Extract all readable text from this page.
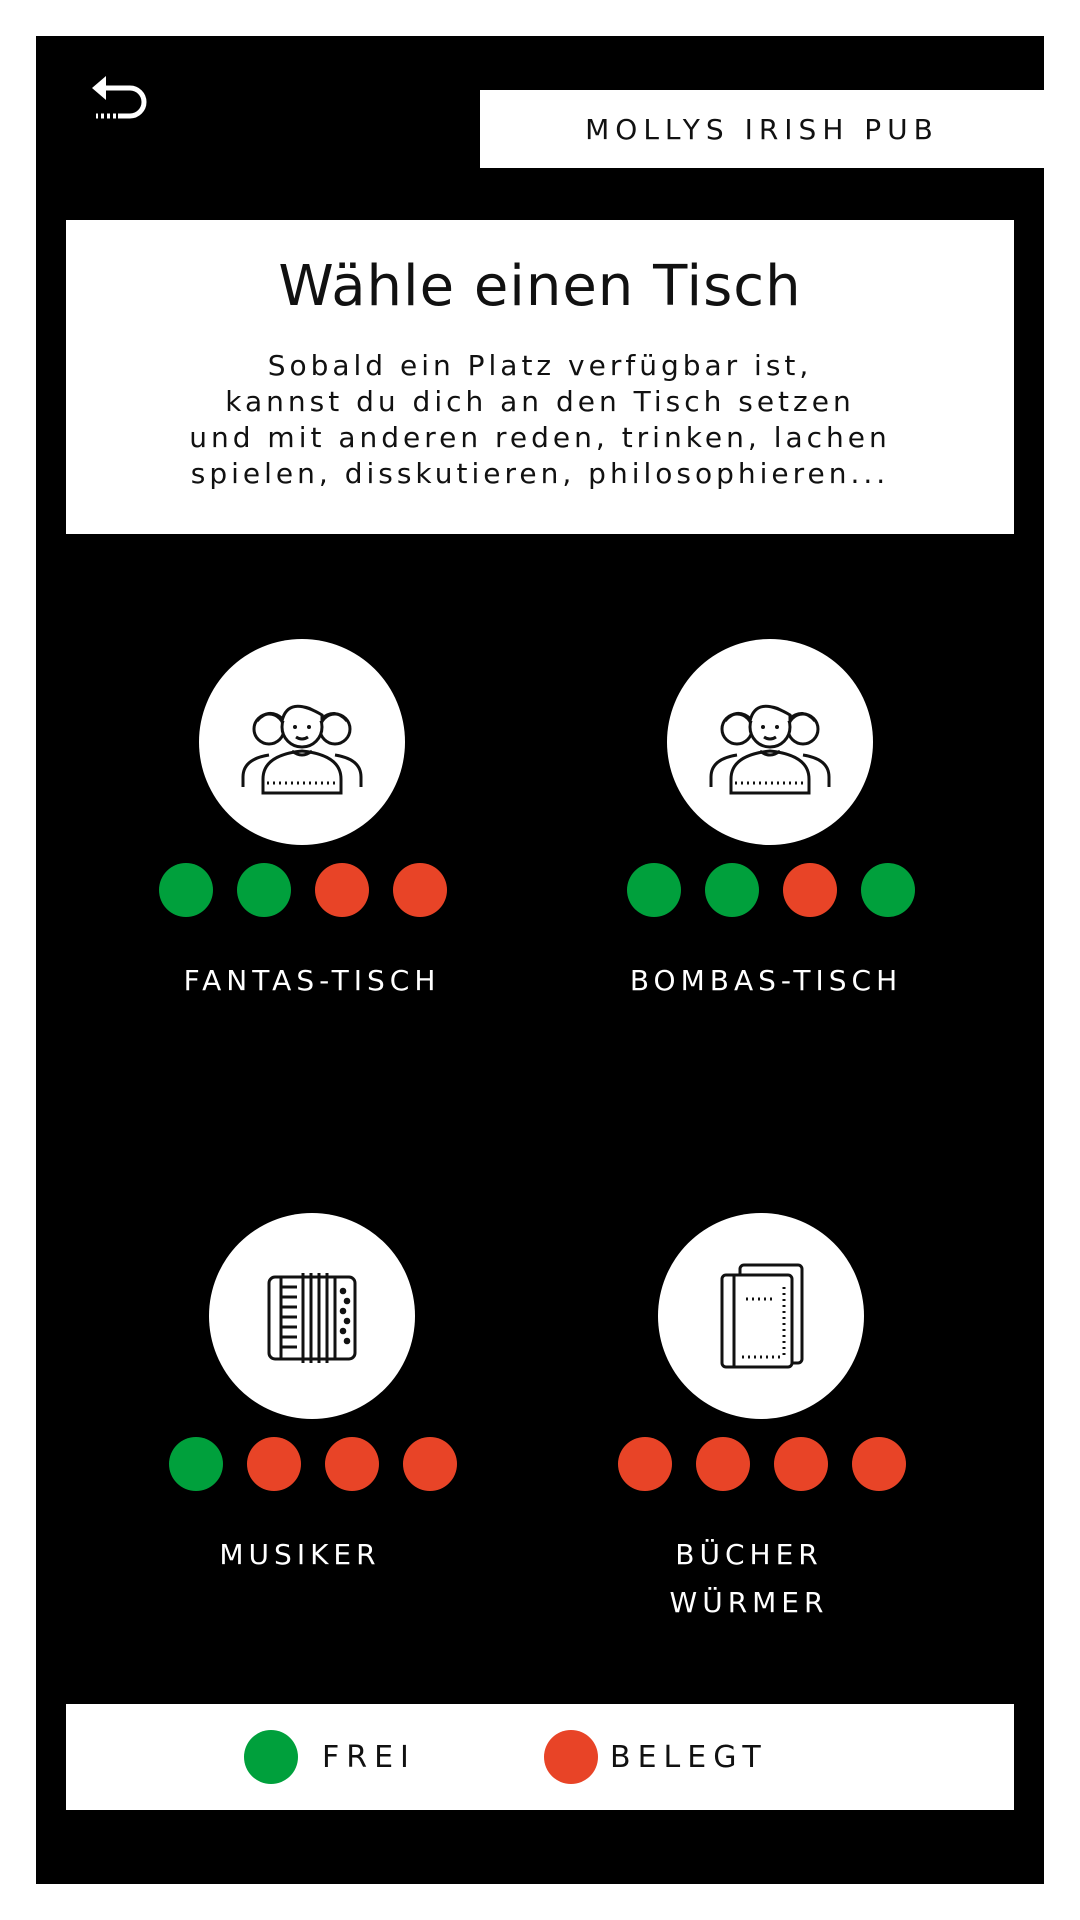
MOLLYS IRISH PUB
Wähle einen Tisch
Sobald ein Platz verfügbar ist,
kannst du dich an den Tisch setzen
und mit anderen reden, trinken, lachen
spielen, disskutieren, philosophieren...
FANTAS-TISCH	BOMBAS-TISCH
MUSIKER	BÜCHER
WÜRMER
FREI	BELEGT
